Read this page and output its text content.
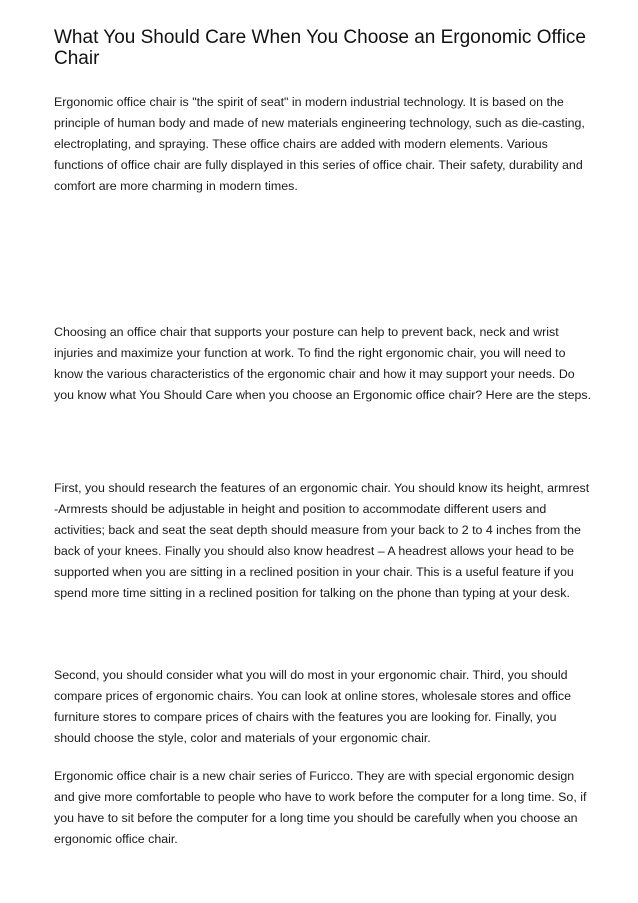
What You Should Care When You Choose an Ergonomic Office Chair

Ergonomic office chair is "the spirit of seat" in modern industrial technology. It is based on the principle of human body and made of new materials engineering technology, such as die-casting, electroplating, and spraying. These office chairs are added with modern elements. Various functions of office chair are fully displayed in this series of office chair. Their safety, durability and comfort are more charming in modern times.

Choosing an office chair that supports your posture can help to prevent back, neck and wrist injuries and maximize your function at work. To find the right ergonomic chair, you will need to know the various characteristics of the ergonomic chair and how it may support your needs. Do you know what You Should Care when you choose an Ergonomic office chair? Here are the steps.

First, you should research the features of an ergonomic chair. You should know its height, armrest -Armrests should be adjustable in height and position to accommodate different users and activities; back and seat the seat depth should measure from your back to 2 to 4 inches from the back of your knees. Finally you should also know headrest – A headrest allows your head to be supported when you are sitting in a reclined position in your chair. This is a useful feature if you spend more time sitting in a reclined position for talking on the phone than typing at your desk.

Second, you should consider what you will do most in your ergonomic chair. Third, you should compare prices of ergonomic chairs. You can look at online stores, wholesale stores and office furniture stores to compare prices of chairs with the features you are looking for. Finally, you should choose the style, color and materials of your ergonomic chair.

Ergonomic office chair is a new chair series of Furicco. They are with special ergonomic design and give more comfortable to people who have to work before the computer for a long time. So, if you have to sit before the computer for a long time you should be carefully when you choose an ergonomic office chair.
